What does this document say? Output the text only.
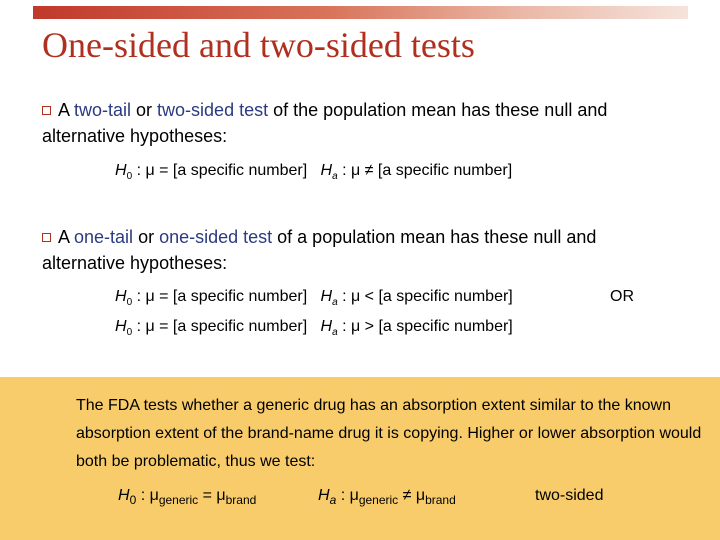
One-sided and two-sided tests
A two-tail or two-sided test of the population mean has these null and alternative hypotheses:
$H_0$ : μ = [a specific number] $H_a$ : μ ≠ [a specific number]
A one-tail or one-sided test of a population mean has these null and alternative hypotheses:
$H_0$ : μ = [a specific number] $H_a$ : μ < [a specific number]	OR
$H_0$ : μ = [a specific number] $H_a$ : μ > [a specific number]
The FDA tests whether a generic drug has an absorption extent similar to the known absorption extent of the brand-name drug it is copying. Higher or lower absorption would both be problematic, thus we test:
$H_0$ : $\mu_{generic} = \mu_{brand}$	$H_a$ : $\mu_{generic} \ne \mu_{brand}$	two-sided
